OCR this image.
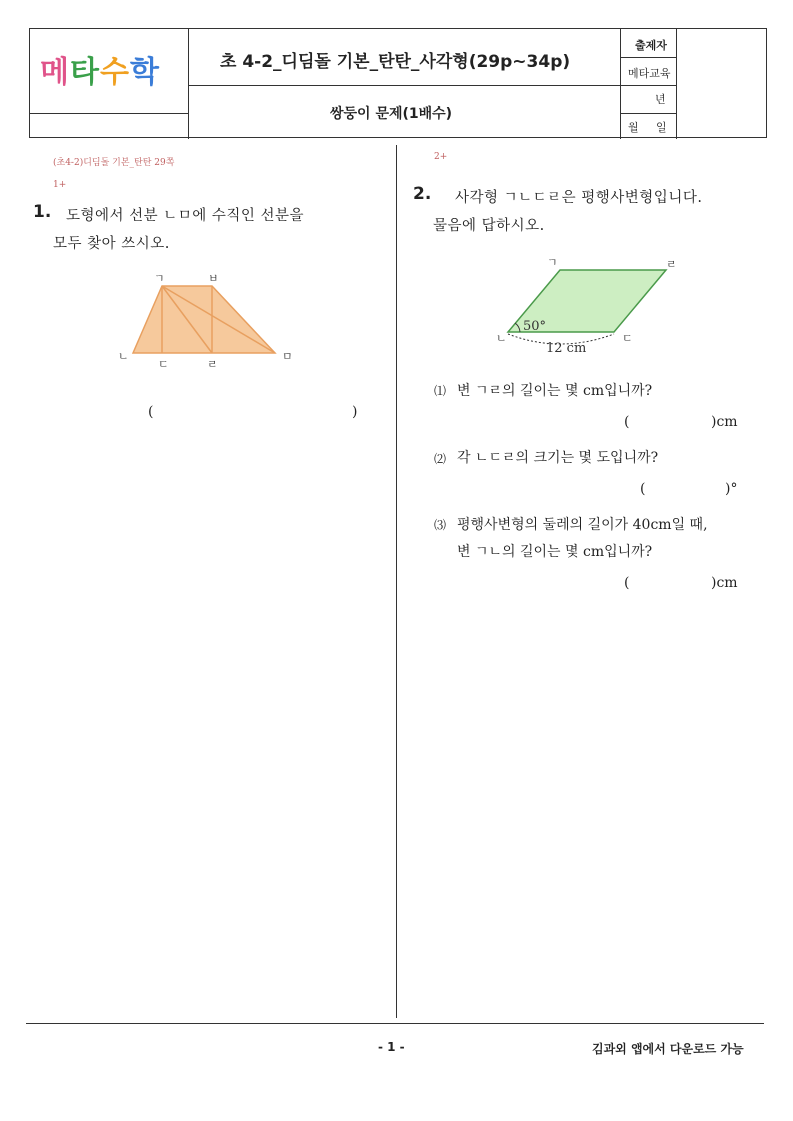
메타수학	초 4-2_디딤돌 기본_탄탄_사각형(29p~34p)
쌍둥이 문제(1배수)
출제자
메타교육
년
월 일
(초4-2)디딤돌 기본_탄탄 29쪽
1+
1. 도형에서 선분 ㄴㅁ에 수직인 선분을
모두 찾아 쓰시오.
ㄱ	ㅂ
ㄴ
ㄷ	ㄹ
ㅁ
(	)
2+
2. 사각형 ㄱㄴㄷㄹ은 평행사변형입니다.
물음에 답하시오.
50°
12 cm
ㄱ	ㄹ
ㄴ	ㄷ
⑴ 변 ㄱㄹ의 길이는 몇 cm입니까?
(	)cm
⑵ 각 ㄴㄷㄹ의 크기는 몇 도입니까?
(	)°
⑶ 평행사변형의 둘레의 길이가 40cm일 때,
변 ㄱㄴ의 길이는 몇 cm입니까?
(	)cm
- 1 -	김과외 앱에서 다운로드 가능
